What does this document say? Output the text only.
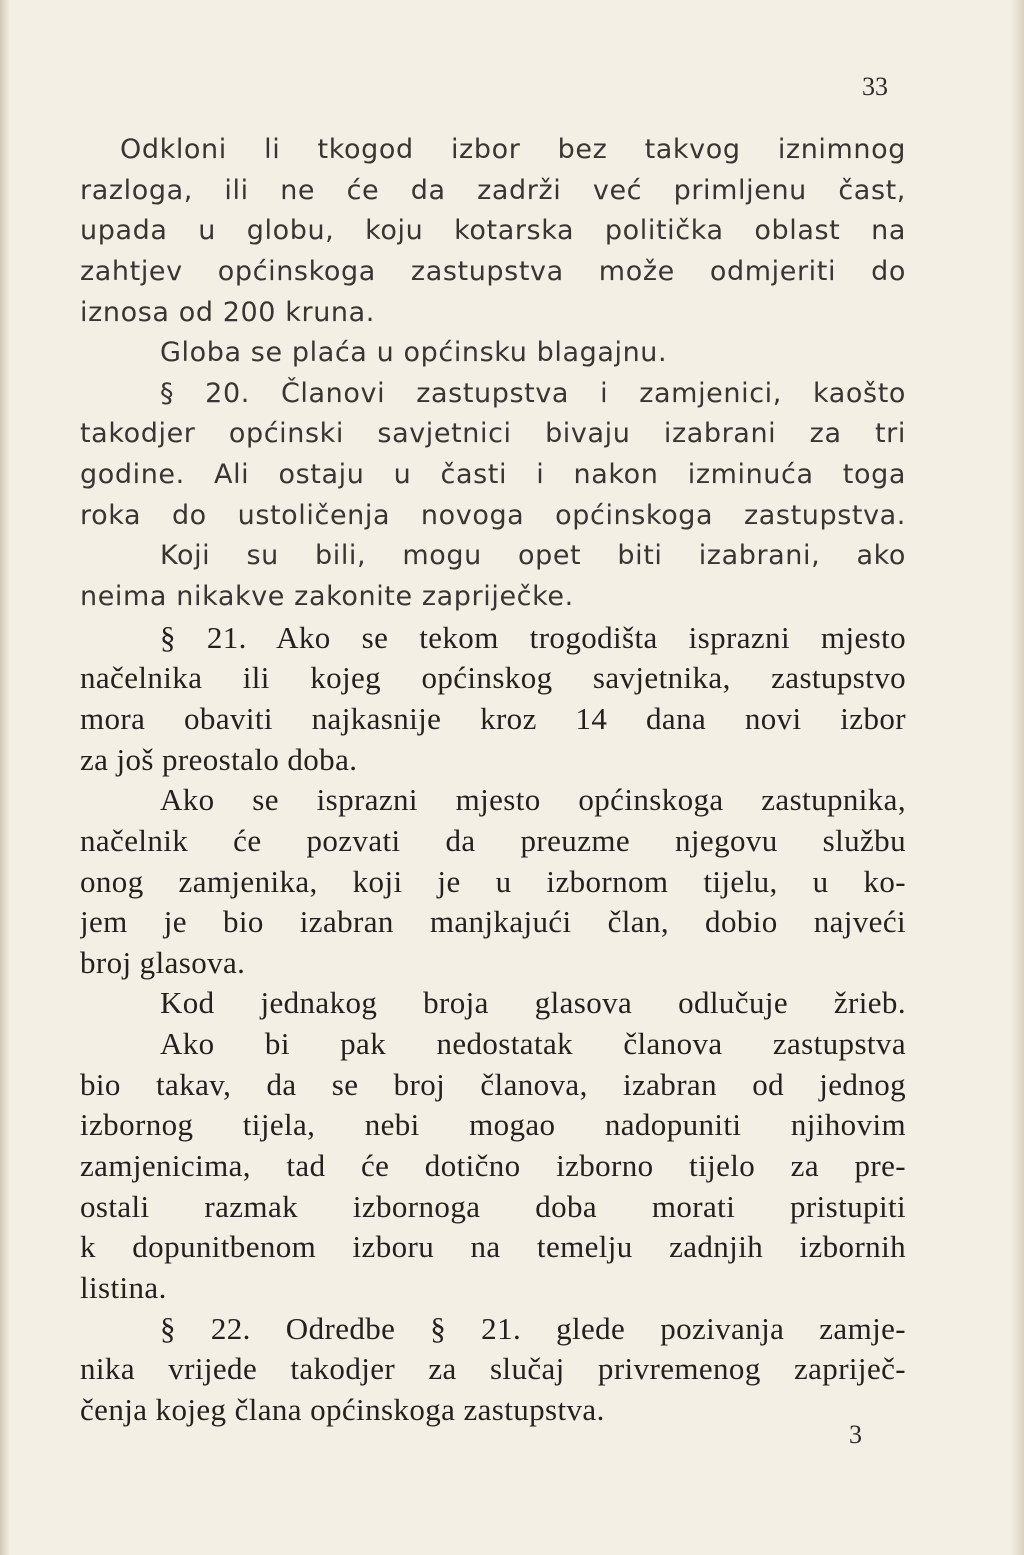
33
Odkloni li tkogod izbor bez takvog iznimnog
razloga, ili ne će da zadrži već primljenu čast,
upada u globu, koju kotarska politička oblast na
zahtjev općinskoga zastupstva može odmjeriti do
iznosa od 200 kruna.
Globa se plaća u općinsku blagajnu.
§ 20. Članovi zastupstva i zamjenici, kaošto
takodjer općinski savjetnici bivaju izabrani za tri
godine. Ali ostaju u časti i nakon izminuća toga
roka do ustoličenja novoga općinskoga zastupstva.
Koji su bili, mogu opet biti izabrani, ako
neima nikakve zakonite zapriječke.
§ 21. Ako se tekom trogodišta isprazni mjesto
načelnika ili kojeg općinskog savjetnika, zastupstvo
mora obaviti najkasnije kroz 14 dana novi izbor
za još preostalo doba.
Ako se isprazni mjesto općinskoga zastupnika,
načelnik će pozvati da preuzme njegovu službu
onog zamjenika, koji je u izbornom tijelu, u ko-
jem je bio izabran manjkajući član, dobio najveći
broj glasova.
Kod jednakog broja glasova odlučuje žrieb.
Ako bi pak nedostatak članova zastupstva
bio takav, da se broj članova, izabran od jednog
izbornog tijela, nebi mogao nadopuniti njihovim
zamjenicima, tad će dotično izborno tijelo za pre-
ostali razmak izbornoga doba morati pristupiti
k dopunitbenom izboru na temelju zadnjih izbornih
listina.
§ 22. Odredbe § 21. glede pozivanja zamje-
nika vrijede takodjer za slučaj privremenog zapriječ-
čenja kojeg člana općinskoga zastupstva.
3
